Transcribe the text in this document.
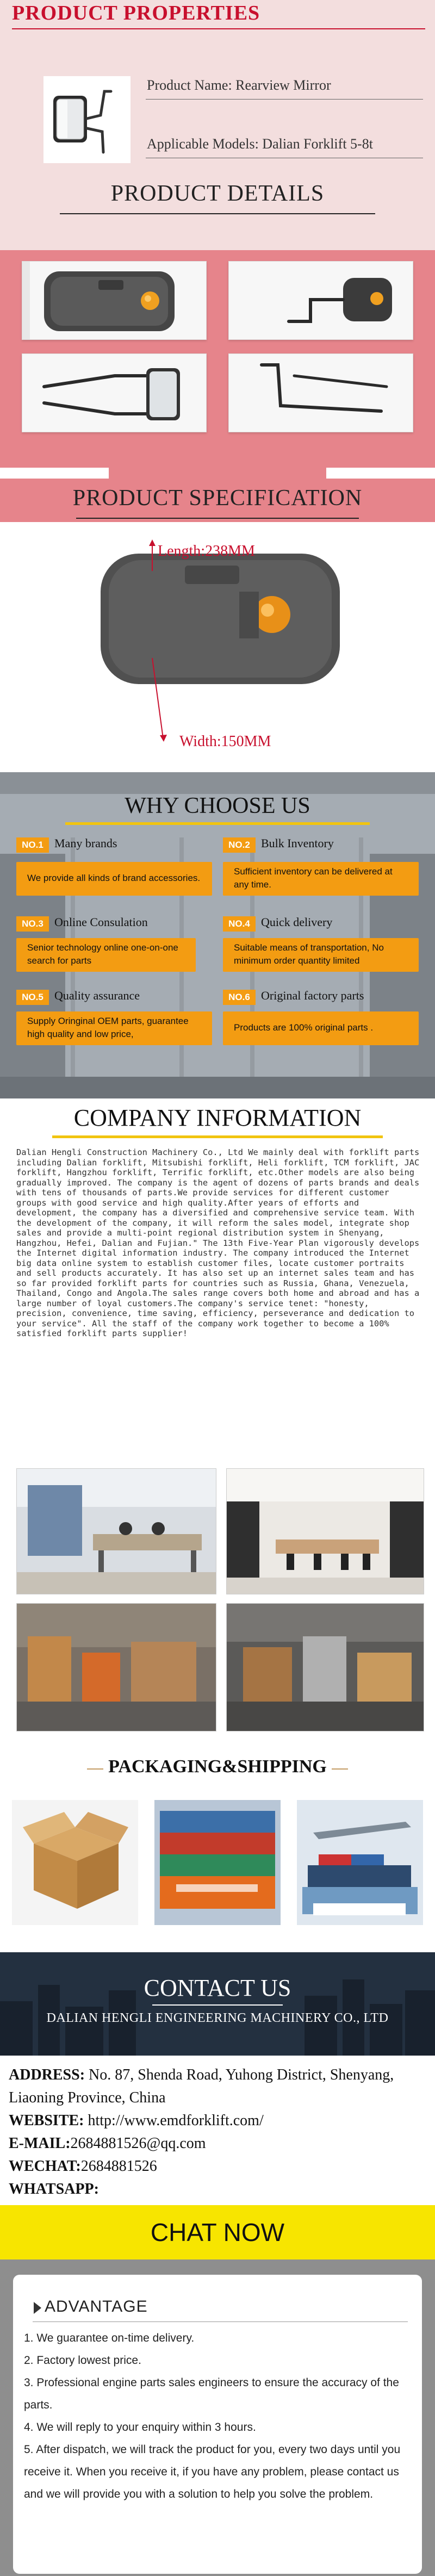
PRODUCT PROPERTIES
Product Name: Rearview Mirror
Applicable Models: Dalian Forklift 5-8t
PRODUCT DETAILS
PRODUCT SPECIFICATION
Length:238MM
Width:150MM
WHY CHOOSE US
NO.1 Many brands
We provide all kinds of brand accessories.
NO.2 Bulk Inventory
Sufficient inventory can be delivered at any time.
NO.3 Online Consulation
Senior technology online one-on-one search for parts
NO.4 Quick delivery
Suitable means of transportation, No minimum order quantity limited
NO.5 Quality assurance
Supply Oringinal OEM parts, guarantee high quality and low price,
NO.6 Original factory parts
Products are 100% original parts .
COMPANY INFORMATION
Dalian Hengli Construction Machinery Co., Ltd We mainly deal with forklift parts including Dalian forklift, Mitsubishi forklift, Heli forklift, TCM forklift, JAC forklift, Hangzhou forklift, Terrific forklift, etc.Other models are also being gradually improved. The company is the agent of dozens of parts brands and deals with tens of thousands of parts.We provide services for different customer groups with good service and high quality.After years of efforts and development, the company has a diversified and comprehensive service team. With the development of the company, it will reform the sales model, integrate shop sales and provide a multi-point regional distribution system in Shenyang, Hangzhou, Hefei, Dalian and Fujian." The 13th Five-Year Plan vigorously develops the Internet digital information industry. The company introduced the Internet big data online system to establish customer files, locate customer portraits and sell products accurately. It has also set up an internet sales team and has so far provided forklift parts for countries such as Russia, Ghana, Venezuela, Thailand, Congo and Angola.The sales range covers both home and abroad and has a large number of loyal customers.The company's service tenet: "honesty, precision, convenience, time saving, efficiency, perseverance and dedication to your service". All the staff of the company work together to become a 100% satisfied forklift parts supplier!
PACKAGING&SHIPPING
CONTACT US
DALIAN HENGLI ENGINEERING MACHINERY CO., LTD
ADDRESS: No. 87, Shenda Road, Yuhong District, Shenyang, Liaoning Province, China
WEBSITE: http://www.emdforklift.com/
E-MAIL:2684881526@qq.com
WECHAT:2684881526
WHATSAPP:
CHAT NOW
ADVANTAGE
1. We guarantee on-time delivery.
2. Factory lowest price.
3. Professional engine parts sales engineers to ensure the accuracy of the parts.
4. We will reply to your enquiry within 3 hours.
5. After dispatch, we will track the product for you, every two days until you receive it. When you receive it, if you have any problem, please contact us and we will provide you with a solution to help you solve the problem.
